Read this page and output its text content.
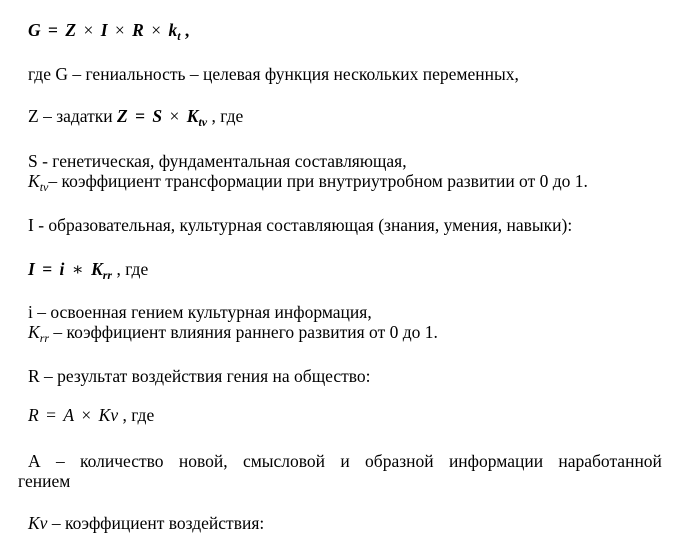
$G = Z \times I \times R \times k_t$ ,
где G – гениальность – целевая функция нескольких переменных,
Z – задатки $Z = S \times K_{tv}$ , где
S - генетическая, фундаментальная составляющая,
$K_{tv}-$ коэффициент трансформации при внутриутробном развитии от 0 до 1.
I - образовательная, культурная составляющая (знания, умения, навыки):
I = i ∗ $K_{rr}$ , где
i – освоенная гением культурная информация,
$K_{rr}$ – коэффициент влияния раннего развития от 0 до 1.
R – результат воздействия гения на общество:
R = A × Kv , где
A – количество новой, смысловой и образной информации наработанной
гением
Kv – коэффициент воздействия:
